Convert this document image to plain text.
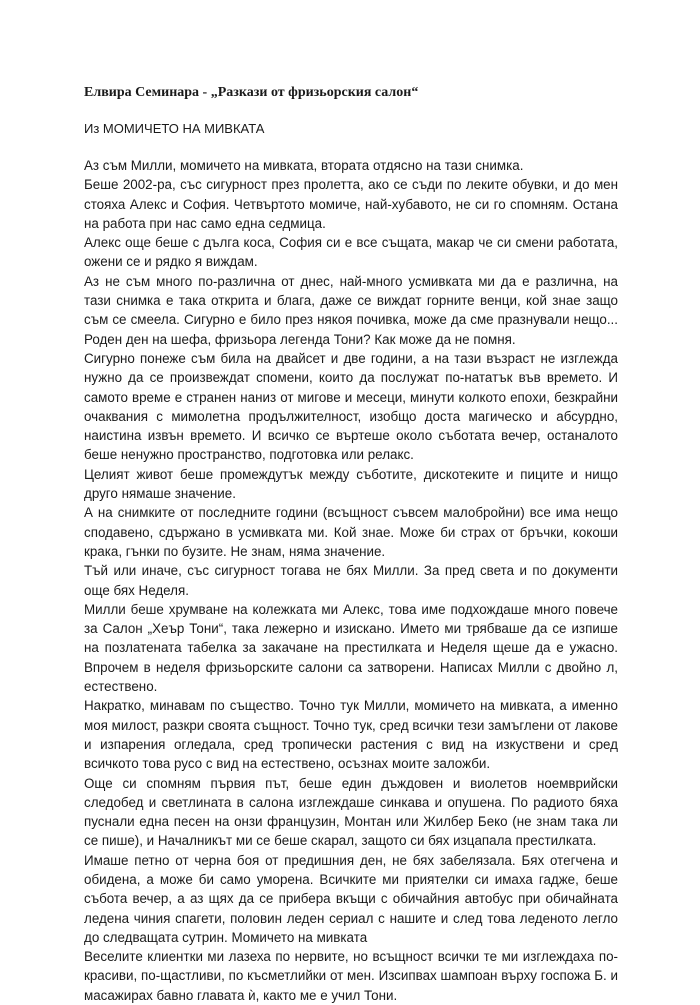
Елвира Семинара - „Разкази от фризьорския салон“
Из МОМИЧЕТО НА МИВКАТА

Аз съм Милли, момичето на мивката, втората отдясно на тази снимка.

Беше 2002-ра, със сигурност през пролетта, ако се съди по леките обувки, и до мен стояха Алекс и София. Четвъртото момиче, най-хубавото, не си го спомням. Остана на работа при нас само една седмица.

Алекс още беше с дълга коса, София си е все същата, макар че си смени работата, ожени се и рядко я виждам.

Аз не съм много по-различна от днес, най-много усмивката ми да е различна, на тази снимка е така открита и блага, даже се виждат горните венци, кой знае защо съм се смеела. Сигурно е било през някоя почивка, може да сме празнували нещо... Роден ден на шефа, фризьора легенда Тони? Как може да не помня.

Сигурно понеже съм била на двайсет и две години, а на тази възраст не изглежда нужно да се произвеждат спомени, които да послужат по-нататък във времето. И самото време е странен наниз от мигове и месеци, минути колкото епохи, безкрайни очаквания с мимолетна продължителност, изобщо доста магическо и абсурдно, наистина извън времето. И всичко се въртеше около съботата вечер, останалото беше ненужно пространство, подготовка или релакс.

Целият живот беше промеждутък между съботите, дискотеките и пиците и нищо друго нямаше значение.

А на снимките от последните години (всъщност съвсем малобройни) все има нещо сподавено, сдържано в усмивката ми. Кой знае. Може би страх от бръчки, кокоши крака, гънки по бузите. Не знам, няма значение.

Тъй или иначе, със сигурност тогава не бях Милли. За пред света и по документи още бях Неделя.

Милли беше хрумване на колежката ми Алекс, това име подхождаше много повече за Салон „Хеър Тони“, така лежерно и изискано. Името ми трябваше да се изпише на позлатената табелка за закачане на престилката и Неделя щеше да е ужасно. Впрочем в неделя фризьорските салони са затворени. Написах Милли с двойно л, естествено.

Накратко, минавам по същество. Точно тук Милли, момичето на мивката, а именно моя милост, разкри своята същност. Точно тук, сред всички тези замъглени от лакове и изпарения огледала, сред тропически растения с вид на изкуствени и сред всичкото това русо с вид на естествено, осъзнах моите заложби.

Още си спомням първия път, беше един дъждовен и виолетов ноемврийски следобед и светлината в салона изглеждаше синкава и опушена. По радиото бяха пуснали една песен на онзи французин, Монтан или Жилбер Беко (не знам така ли се пише), и Началникът ми се беше скарал, защото си бях изцапала престилката.

Имаше петно от черна боя от предишния ден, не бях забелязала. Бях отегчена и обидена, а може би само уморена. Всичките ми приятелки си имаха гадже, беше събота вечер, а аз щях да се прибера вкъщи с обичайния автобус при обичайната ледена чиния спагети, половин леден сериал с нашите и след това леденото легло до следващата сутрин. Момичето на мивката

Веселите клиентки ми лазеха по нервите, но всъщност всички те ми изглеждаха по-красиви, по-щастливи, по късметлийки от мен. Изсипвах шампоан върху госпожа Б. и масажирах бавно главата ѝ, както ме е учил Тони.
